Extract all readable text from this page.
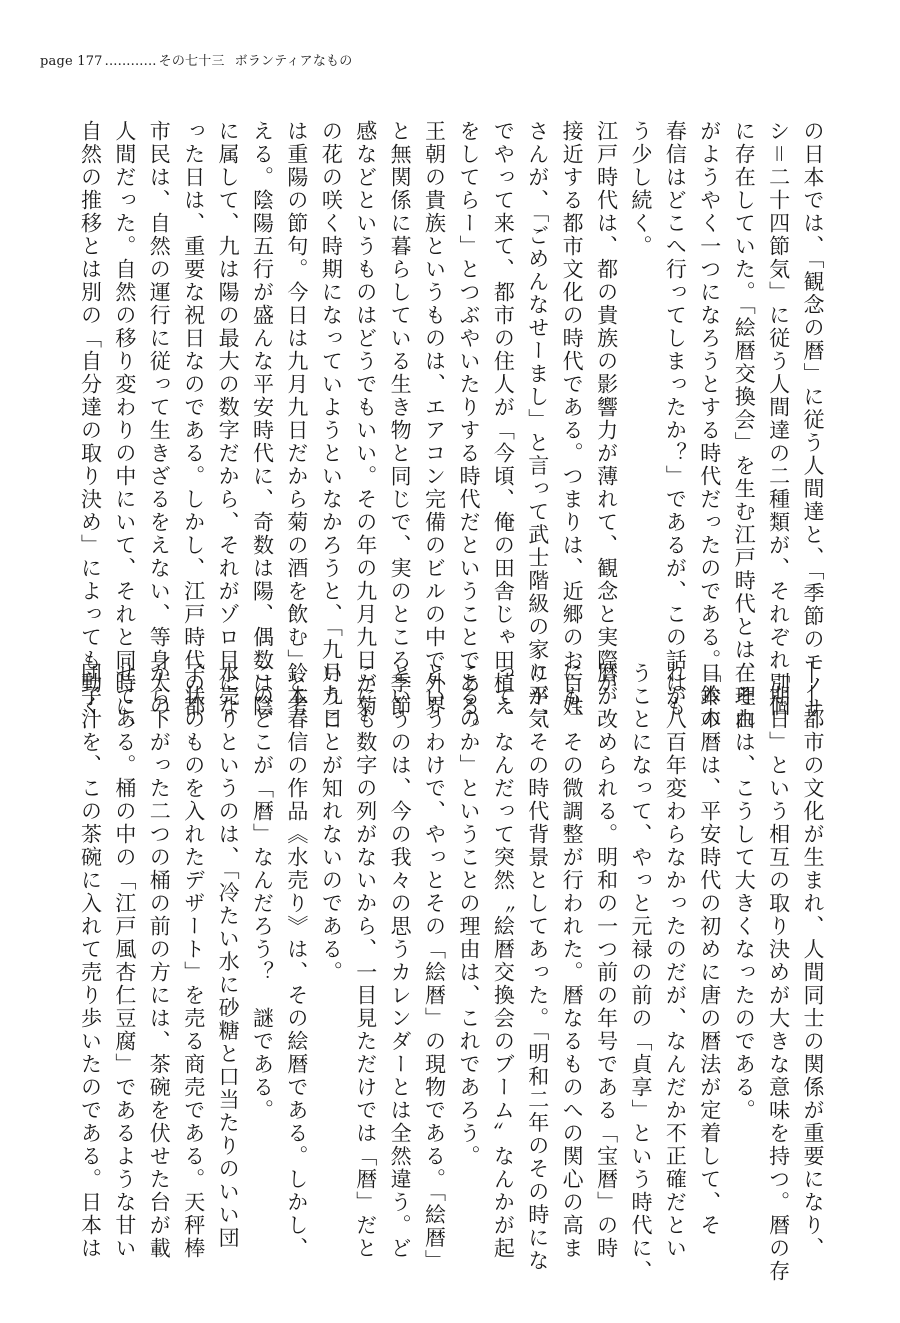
page 177 ............ その七十三 ボランティアなもの

の日本では、「観念の暦」に従う人間達と、「季節のモノサ

シ＝二十四節気」に従う人間達の二種類が、それぞれ別個

に存在していた。「絵暦交換会」を生む江戸時代とは、それ

がようやく一つになろうとする時代だったのである。「鈴木

春信はどこへ行ってしまったか？」であるが、この話はも

う少し続く。

江戸時代は、都の貴族の影響力が薄れて、観念と実際が

接近する都市文化の時代である。つまりは、近郷のお百姓

さんが、「ごめんなせーまし」と言って武士階級の家に平気

でやって来て、都市の住人が「今頃、俺の田舎じゃ田植え

をしてらー」とつぶやいたりする時代だということである。

王朝の貴族というものは、エアコン完備のビルの中で外界

と無関係に暮らしている生き物と同じで、実のところ季節

感などというものはどうでもいい。その年の九月九日が菊

の花の咲く時期になっていようといなかろうと、「九月九日

は重陽の節句。今日は九月九日だから菊の酒を飲む」と考

える。陰陽五行が盛んな平安時代に、奇数は陽、偶数は陰

に属して、九は陽の最大の数字だから、それがゾロ目にな

った日は、重要な祝日なのである。しかし、江戸時代の都

市民は、自然の運行に従って生きざるをえない、等身大の

人間だった。自然の移り変わりの中にいて、それと同時に、

自然の推移とは別の「自分達の取り決め」によっても動く

――都市の文化が生まれ、人間同士の関係が重要になり、

「期日」という相互の取り決めが大きな意味を持つ。暦の存

在理由は、こうして大きくなったのである。

日本の暦は、平安時代の初めに唐の暦法が定着して、そ

れが八百年変わらなかったのだが、なんだか不正確だとい

うことになって、やっと元禄の前の「貞享」という時代に、

暦が改められる。明和の一つ前の年号である「宝暦」の時

にも、その微調整が行われた。暦なるものへの関心の高ま

りが、その時代背景としてあった。「明和二年のその時にな

って、なんだって突然〝絵暦交換会のブーム〟なんかが起

こるのか」ということの理由は、これであろう。

というわけで、やっとその「絵暦」の現物である。「絵暦」

というのは、今の我々の思うカレンダーとは全然違う。ど

こにも数字の列がないから、一目見ただけでは「暦」だと

いうことが知れないのである。

鈴木春信の作品《水売り》は、その絵暦である。しかし、

このどこが「暦」なんだろう？　謎である。

水売りというのは、「冷たい水に砂糖と口当たりのいい団

子状のものを入れたデザート」を売る商売である。天秤棒

から下がった二つの桶の前の方には、茶碗を伏せた台が載

せてある。桶の中の「江戸風杏仁豆腐」であるような甘い

団子汁を、この茶碗に入れて売り歩いたのである。日本は
